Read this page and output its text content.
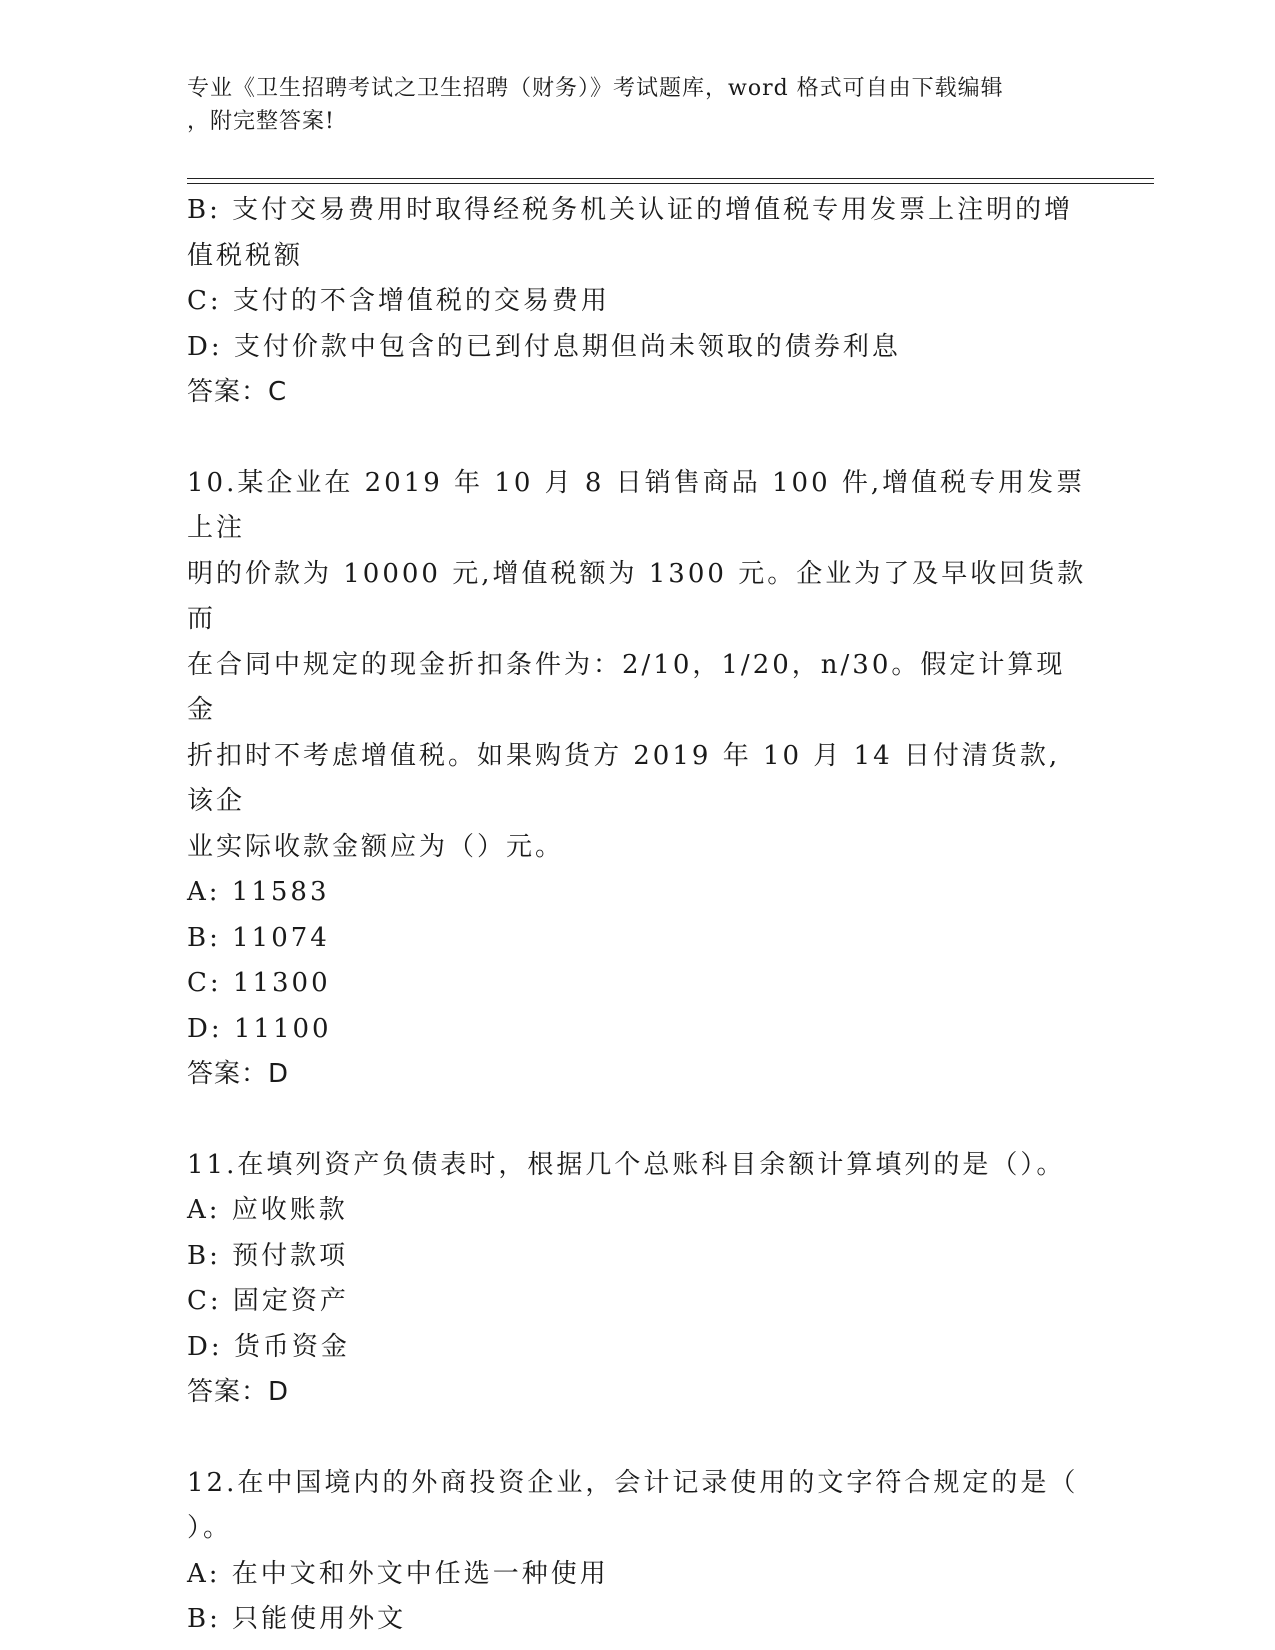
专业《卫生招聘考试之卫生招聘（财务）》考试题库，word 格式可自由下载编辑
，附完整答案!

B: 支付交易费用时取得经税务机关认证的增值税专用发票上注明的增

值税税额

C: 支付的不含增值税的交易费用

D: 支付价款中包含的已到付息期但尚未领取的债券利息

答案：C

10.某企业在 2019 年 10 月 8 日销售商品 100 件,增值税专用发票上注

明的价款为 10000 元,增值税额为 1300 元。企业为了及早收回货款而

在合同中规定的现金折扣条件为：2/10，1/20，n/30。假定计算现金

折扣时不考虑增值税。如果购货方 2019 年 10 月 14 日付清货款,该企

业实际收款金额应为（）元。

A: 11583

B: 11074

C: 11300

D: 11100

答案：D

11.在填列资产负债表时，根据几个总账科目余额计算填列的是（）。

A: 应收账款

B: 预付款项

C: 固定资产

D: 货币资金

答案：D

12.在中国境内的外商投资企业，会计记录使用的文字符合规定的是（

）。

A: 在中文和外文中任选一种使用

B: 只能使用外文
